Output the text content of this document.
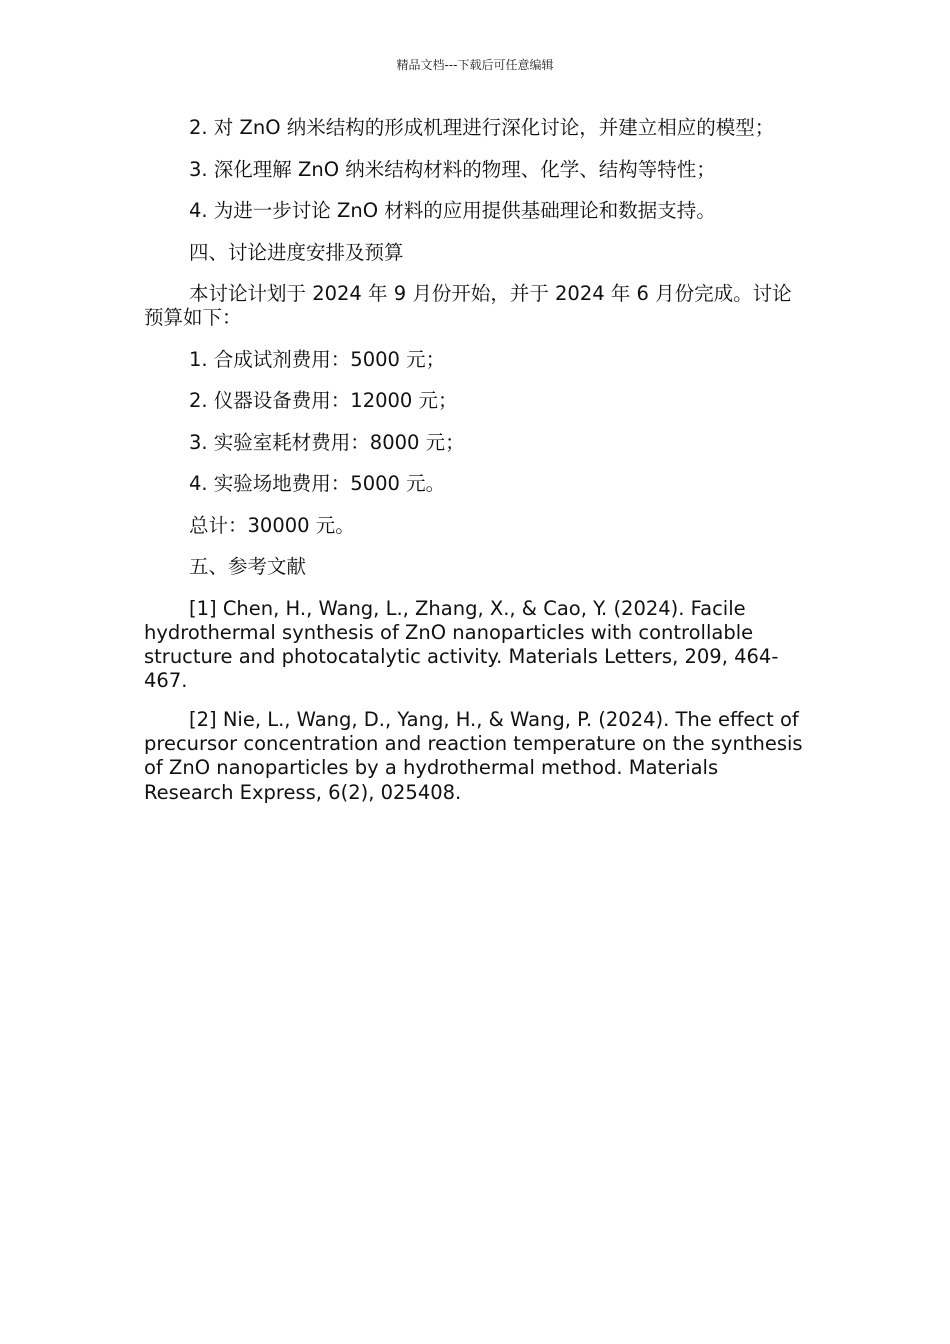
精品文档---下载后可任意编辑

2. 对 ZnO 纳米结构的形成机理进行深化讨论，并建立相应的模型；

3. 深化理解 ZnO 纳米结构材料的物理、化学、结构等特性；

4. 为进一步讨论 ZnO 材料的应用提供基础理论和数据支持。

四、讨论进度安排及预算

本讨论计划于 2024 年 9 月份开始，并于 2024 年 6 月份完成。讨论预算如下：

1. 合成试剂费用：5000 元；

2. 仪器设备费用：12000 元；

3. 实验室耗材费用：8000 元；

4. 实验场地费用：5000 元。

总计：30000 元。

五、参考文献

[1] Chen, H., Wang, L., Zhang, X., & Cao, Y. (2024). Facile hydrothermal synthesis of ZnO nanoparticles with controllable structure and photocatalytic activity. Materials Letters, 209, 464-467.

[2] Nie, L., Wang, D., Yang, H., & Wang, P. (2024). The effect of precursor concentration and reaction temperature on the synthesis of ZnO nanoparticles by a hydrothermal method. Materials Research Express, 6(2), 025408.
